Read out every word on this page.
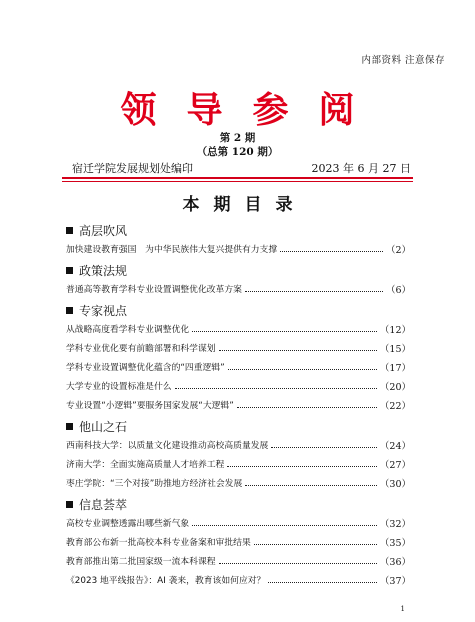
内部资料 注意保存
领导参阅
第 2 期
（总第 120 期）
宿迁学院发展规划处编印	2023 年 6 月 27 日
本期目录
高层吹风
加快建设教育强国　为中华民族伟大复兴提供有力支撑	（2）
政策法规
普通高等教育学科专业设置调整优化改革方案	（6）
专家视点
从战略高度看学科专业调整优化	（12）
学科专业优化要有前瞻部署和科学谋划	（15）
学科专业设置调整优化蕴含的“四重逻辑”	（17）
大学专业的设置标准是什么	（20）
专业设置“小逻辑”要服务国家发展“大逻辑”	（22）
他山之石
西南科技大学：以质量文化建设推动高校高质量发展	（24）
济南大学：全面实施高质量人才培养工程	（27）
枣庄学院：“三个对接”助推地方经济社会发展	（30）
信息荟萃
高校专业调整透露出哪些新气象	（32）
教育部公布新一批高校本科专业备案和审批结果	（35）
教育部推出第二批国家级一流本科课程	（36）
《2023 地平线报告》：AI 袭来，教育该如何应对？	（37）
1
